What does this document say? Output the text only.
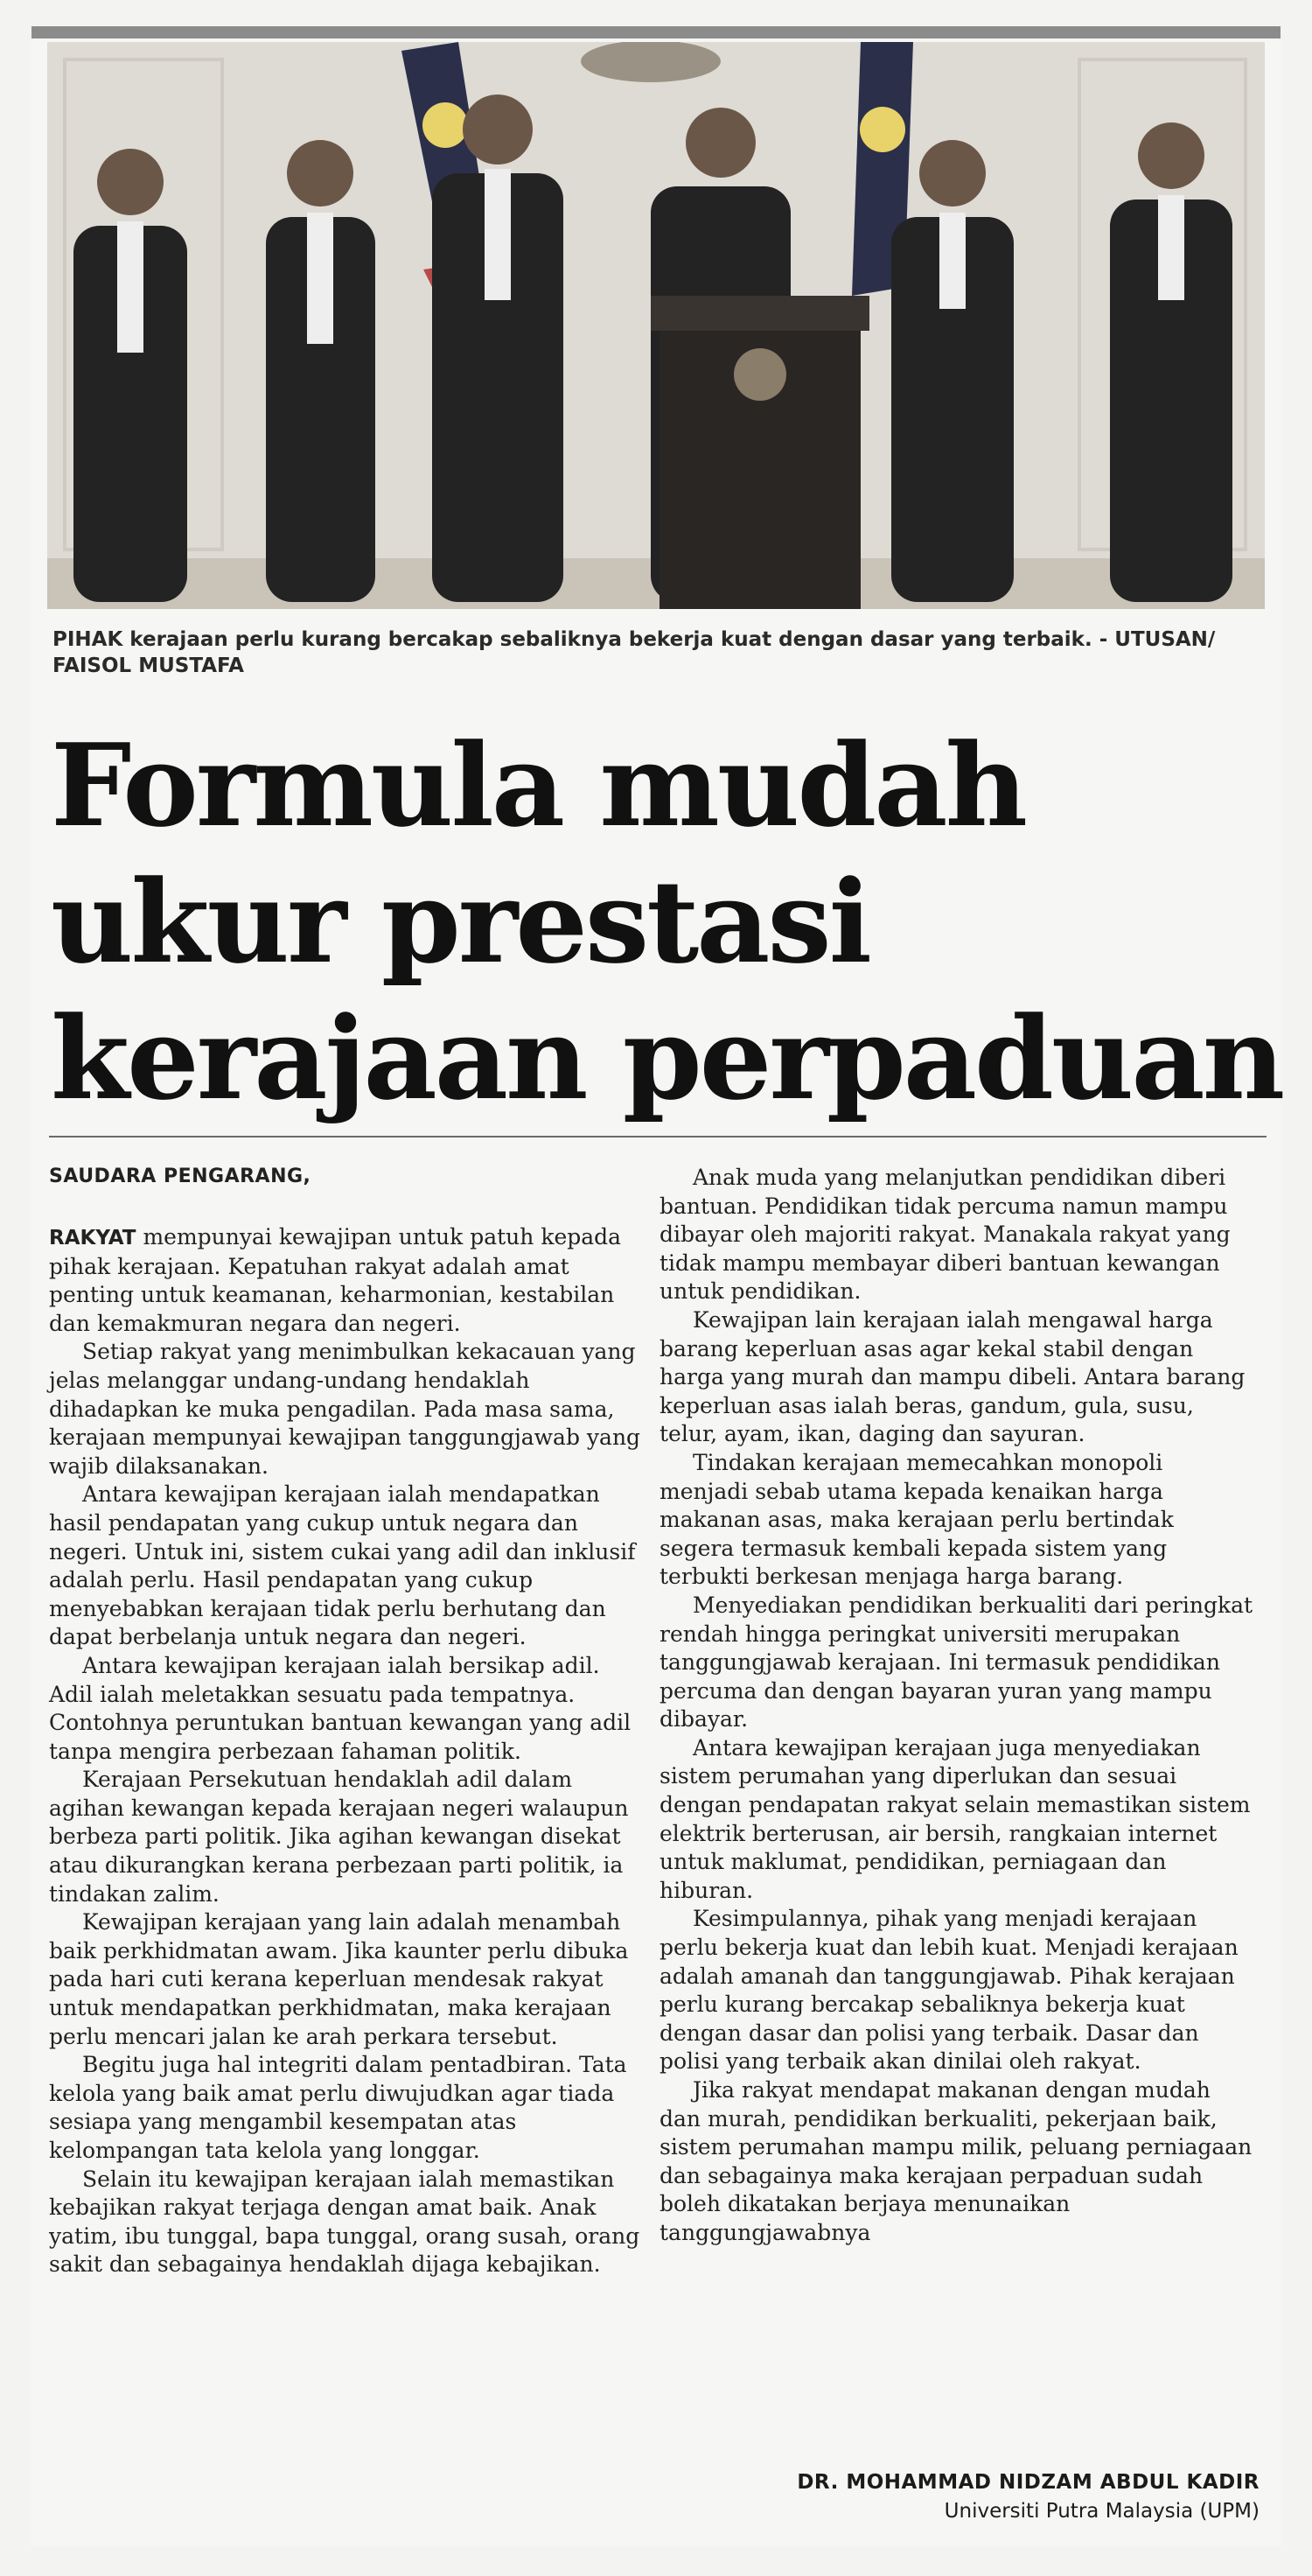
PIHAK kerajaan perlu kurang bercakap sebaliknya bekerja kuat dengan dasar yang terbaik. - UTUSAN/ FAISOL MUSTAFA
Formula mudah
ukur prestasi
kerajaan perpaduan
SAUDARA PENGARANG,

RAKYAT mempunyai kewajipan untuk patuh kepada pihak kerajaan. Kepatuhan rakyat adalah amat penting untuk keamanan, keharmonian, kestabilan dan kemakmuran negara dan negeri.

Setiap rakyat yang menimbulkan kekacauan yang jelas melanggar undang-undang hendaklah dihadapkan ke muka pengadilan. Pada masa sama, kerajaan mempunyai kewajipan tanggungjawab yang wajib dilaksanakan.

Antara kewajipan kerajaan ialah mendapatkan hasil pendapatan yang cukup untuk negara dan negeri. Untuk ini, sistem cukai yang adil dan inklusif adalah perlu. Hasil pendapatan yang cukup menyebabkan kerajaan tidak perlu berhutang dan dapat berbelanja untuk negara dan negeri.

Antara kewajipan kerajaan ialah bersikap adil. Adil ialah meletakkan sesuatu pada tempatnya. Contohnya peruntukan bantuan kewangan yang adil tanpa mengira perbezaan fahaman politik.

Kerajaan Persekutuan hendaklah adil dalam agihan kewangan kepada kerajaan negeri walaupun berbeza parti politik. Jika agihan kewangan disekat atau dikurangkan kerana perbezaan parti politik, ia tindakan zalim.

Kewajipan kerajaan yang lain adalah menambah baik perkhidmatan awam. Jika kaunter perlu dibuka pada hari cuti kerana keperluan mendesak rakyat untuk mendapatkan perkhidmatan, maka kerajaan perlu mencari jalan ke arah perkara tersebut.

Begitu juga hal integriti dalam pentadbiran. Tata kelola yang baik amat perlu diwujudkan agar tiada sesiapa yang mengambil kesempatan atas kelompangan tata kelola yang longgar.

Selain itu kewajipan kerajaan ialah memastikan kebajikan rakyat terjaga dengan amat baik. Anak yatim, ibu tunggal, bapa tunggal, orang susah, orang sakit dan sebagainya hendaklah dijaga kebajikan.

Anak muda yang melanjutkan pendidikan diberi bantuan. Pendidikan tidak percuma namun mampu dibayar oleh majoriti rakyat. Manakala rakyat yang tidak mampu membayar diberi bantuan kewangan untuk pendidikan.

Kewajipan lain kerajaan ialah mengawal harga barang keperluan asas agar kekal stabil dengan harga yang murah dan mampu dibeli. Antara barang keperluan asas ialah beras, gandum, gula, susu, telur, ayam, ikan, daging dan sayuran.

Tindakan kerajaan memecahkan monopoli menjadi sebab utama kepada kenaikan harga makanan asas, maka kerajaan perlu bertindak segera termasuk kembali kepada sistem yang terbukti berkesan menjaga harga barang.

Menyediakan pendidikan berkualiti dari peringkat rendah hingga peringkat universiti merupakan tanggungjawab kerajaan. Ini termasuk pendidikan percuma dan dengan bayaran yuran yang mampu dibayar.

Antara kewajipan kerajaan juga menyediakan sistem perumahan yang diperlukan dan sesuai dengan pendapatan rakyat selain memastikan sistem elektrik berterusan, air bersih, rangkaian internet untuk maklumat, pendidikan, perniagaan dan hiburan.

Kesimpulannya, pihak yang menjadi kerajaan perlu bekerja kuat dan lebih kuat. Menjadi kerajaan adalah amanah dan tanggungjawab. Pihak kerajaan perlu kurang bercakap sebaliknya bekerja kuat dengan dasar dan polisi yang terbaik. Dasar dan polisi yang terbaik akan dinilai oleh rakyat.

Jika rakyat mendapat makanan dengan mudah dan murah, pendidikan berkualiti, pekerjaan baik, sistem perumahan mampu milik, peluang perniagaan dan sebagainya maka kerajaan perpaduan sudah boleh dikatakan berjaya menunaikan tanggungjawabnya

DR. MOHAMMAD NIDZAM ABDUL KADIR
Universiti Putra Malaysia (UPM)
